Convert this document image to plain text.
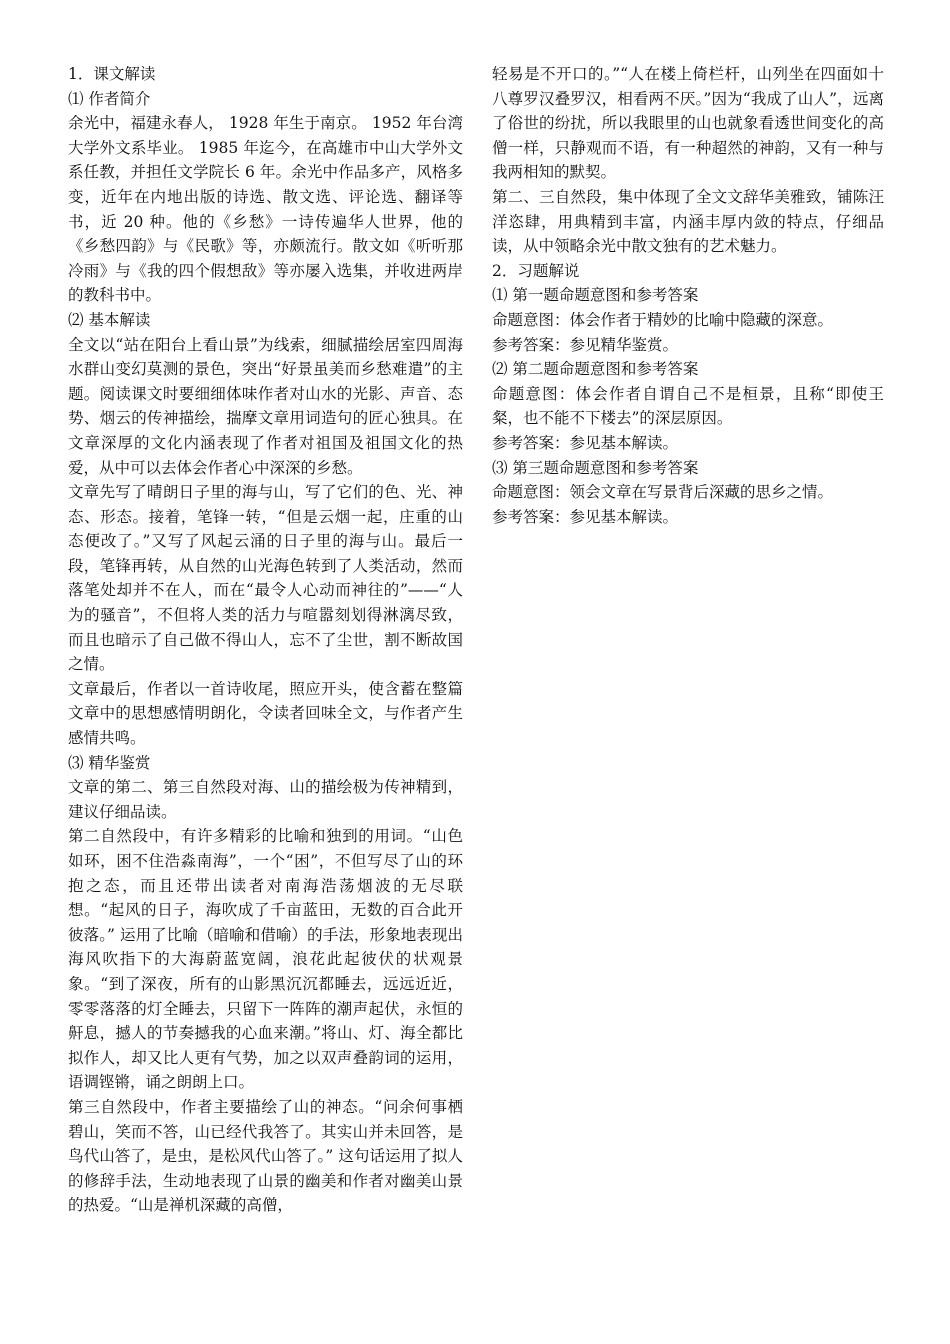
1．课文解读

⑴ 作者简介

余光中，福建永春人， 1928 年生于南京。 1952 年台湾大学外文系毕业。 1985 年迄今，在高雄市中山大学外文系任教，并担任文学院长 6 年。余光中作品多产，风格多变，近年在内地出版的诗选、散文选、评论选、翻译等书，近 20 种。他的《乡愁》一诗传遍华人世界，他的《乡愁四韵》与《民歌》等，亦颇流行。散文如《听听那冷雨》与《我的四个假想敌》等亦屡入选集，并收进两岸的教科书中。

⑵ 基本解读

全文以“站在阳台上看山景”为线索，细腻描绘居室四周海水群山变幻莫测的景色，突出“好景虽美而乡愁难遣”的主题。阅读课文时要细细体味作者对山水的光影、声音、态势、烟云的传神描绘，揣摩文章用词造句的匠心独具。在文章深厚的文化内涵表现了作者对祖国及祖国文化的热爱，从中可以去体会作者心中深深的乡愁。

文章先写了晴朗日子里的海与山，写了它们的色、光、神态、形态。接着，笔锋一转，“但是云烟一起，庄重的山态便改了。”又写了风起云涌的日子里的海与山。最后一段，笔锋再转，从自然的山光海色转到了人类活动，然而落笔处却并不在人，而在“最令人心动而神往的”——“人为的骚音”，不但将人类的活力与喧嚣刻划得淋漓尽致，而且也暗示了自己做不得山人，忘不了尘世，割不断故国之情。

文章最后，作者以一首诗收尾，照应开头，使含蓄在整篇文章中的思想感情明朗化，令读者回味全文，与作者产生感情共鸣。

⑶ 精华鉴赏

文章的第二、第三自然段对海、山的描绘极为传神精到，建议仔细品读。

第二自然段中，有许多精彩的比喻和独到的用词。“山色如环，困不住浩淼南海”，一个“困”，不但写尽了山的环抱之态，而且还带出读者对南海浩荡烟波的无尽联想。“起风的日子，海吹成了千亩蓝田，无数的百合此开彼落。” 运用了比喻（暗喻和借喻）的手法，形象地表现出海风吹指下的大海蔚蓝宽阔，浪花此起彼伏的状观景象。“到了深夜，所有的山影黑沉沉都睡去，远远近近，零零落落的灯全睡去，只留下一阵阵的潮声起伏，永恒的鼾息，撼人的节奏撼我的心血来潮。”将山、灯、海全都比拟作人，却又比人更有气势，加之以双声叠韵词的运用，语调铿锵，诵之朗朗上口。

第三自然段中，作者主要描绘了山的神态。“问余何事栖碧山，笑而不答，山已经代我答了。其实山并未回答，是鸟代山答了，是虫，是松风代山答了。” 这句话运用了拟人的修辞手法，生动地表现了山景的幽美和作者对幽美山景的热爱。“山是禅机深藏的高僧，

轻易是不开口的。”“人在楼上倚栏杆，山列坐在四面如十八尊罗汉叠罗汉，相看两不厌。”因为“我成了山人”，远离了俗世的纷扰，所以我眼里的山也就象看透世间变化的高僧一样，只静观而不语，有一种超然的神韵，又有一种与我两相知的默契。

第二、三自然段，集中体现了全文文辞华美雅致，铺陈汪洋恣肆，用典精到丰富，内涵丰厚内敛的特点，仔细品读，从中领略余光中散文独有的艺术魅力。

2．习题解说

⑴ 第一题命题意图和参考答案

命题意图：体会作者于精妙的比喻中隐藏的深意。

参考答案：参见精华鉴赏。

⑵ 第二题命题意图和参考答案

命题意图：体会作者自谓自己不是桓景，且称“即使王粲，也不能不下楼去”的深层原因。

参考答案：参见基本解读。

⑶ 第三题命题意图和参考答案

命题意图：领会文章在写景背后深藏的思乡之情。

参考答案：参见基本解读。
